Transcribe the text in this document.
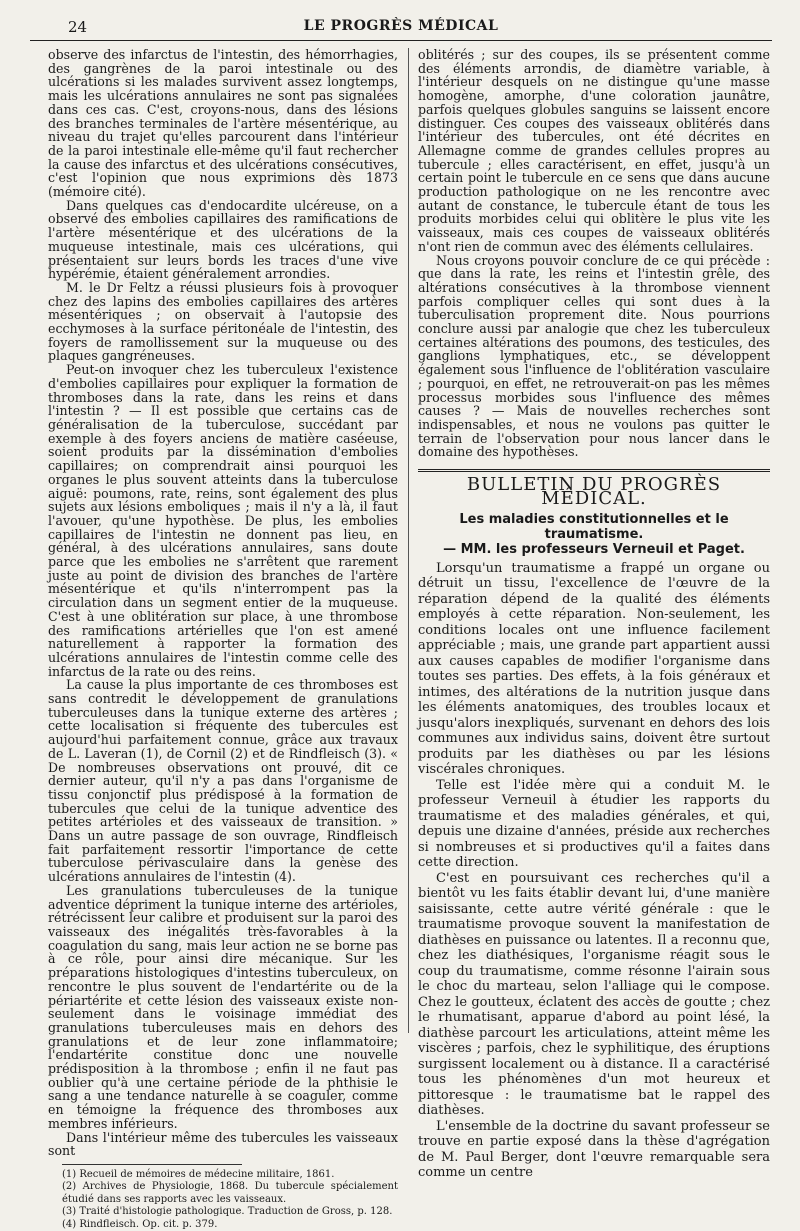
24	LE PROGRÈS MÉDICAL

observe des infarctus de l'intestin, des hémorrhagies, des gangrènes de la paroi intestinale ou des ulcérations si les malades survivent assez longtemps, mais les ulcérations annulaires ne sont pas signalées dans ces cas. C'est, croyons-nous, dans des lésions des branches terminales de l'artère mésentérique, au niveau du trajet qu'elles parcourent dans l'intérieur de la paroi intestinale elle-même qu'il faut rechercher la cause des infarctus et des ulcérations consécutives, c'est l'opinion que nous exprimions dès 1873 (mémoire cité).

Dans quelques cas d'endocardite ulcéreuse, on a observé des embolies capillaires des ramifications de l'artère mésentérique et des ulcérations de la muqueuse intestinale, mais ces ulcérations, qui présentaient sur leurs bords les traces d'une vive hypérémie, étaient généralement arrondies.

M. le Dr Feltz a réussi plusieurs fois à provoquer chez des lapins des embolies capillaires des artères mésentériques ; on observait à l'autopsie des ecchymoses à la surface péritonéale de l'intestin, des foyers de ramollissement sur la muqueuse ou des plaques gangréneuses.

Peut-on invoquer chez les tuberculeux l'existence d'embolies capillaires pour expliquer la formation de thromboses dans la rate, dans les reins et dans l'intestin ? — Il est possible que certains cas de généralisation de la tuberculose, succédant par exemple à des foyers anciens de matière caséeuse, soient produits par la dissémination d'embolies capillaires; on comprendrait ainsi pourquoi les organes le plus souvent atteints dans la tuberculose aiguë: poumons, rate, reins, sont également des plus sujets aux lésions emboliques ; mais il n'y a là, il faut l'avouer, qu'une hypothèse. De plus, les embolies capillaires de l'intestin ne donnent pas lieu, en général, à des ulcérations annulaires, sans doute parce que les embolies ne s'arrêtent que rarement juste au point de division des branches de l'artère mésentérique et qu'ils n'interrompent pas la circulation dans un segment entier de la muqueuse. C'est à une oblitération sur place, à une thrombose des ramifications artérielles que l'on est amené naturellement à rapporter la formation des ulcérations annulaires de l'intestin comme celle des infarctus de la rate ou des reins.

La cause la plus importante de ces thromboses est sans contredit le développement de granulations tuberculeuses dans la tunique externe des artères ; cette localisation si fréquente des tubercules est aujourd'hui parfaitement connue, grâce aux travaux de L. Laveran (1), de Cornil (2) et de Rindfleisch (3). « De nombreuses observations ont prouvé, dit ce dernier auteur, qu'il n'y a pas dans l'organisme de tissu conjonctif plus prédisposé à la formation de tubercules que celui de la tunique adventice des petites artérioles et des vaisseaux de transition. » Dans un autre passage de son ouvrage, Rindfleisch fait parfaitement ressortir l'importance de cette tuberculose périvasculaire dans la genèse des ulcérations annulaires de l'intestin (4).

Les granulations tuberculeuses de la tunique adventice dépriment la tunique interne des artérioles, rétrécissent leur calibre et produisent sur la paroi des vaisseaux des inégalités très-favorables à la coagulation du sang, mais leur action ne se borne pas à ce rôle, pour ainsi dire mécanique. Sur les préparations histologiques d'intestins tuberculeux, on rencontre le plus souvent de l'endartérite ou de la périartérite et cette lésion des vaisseaux existe non-seulement dans le voisinage immédiat des granulations tuberculeuses mais en dehors des granulations et de leur zone inflammatoire; l'endartérite constitue donc une nouvelle prédisposition à la thrombose ; enfin il ne faut pas oublier qu'à une certaine période de la phthisie le sang a une tendance naturelle à se coaguler, comme en témoigne la fréquence des thromboses aux membres inférieurs.

Dans l'intérieur même des tubercules les vaisseaux sont

(1) Recueil de mémoires de médecine militaire, 1861.
(2) Archives de Physiologie, 1868. Du tubercule spécialement étudié dans ses rapports avec les vaisseaux.
(3) Traité d'histologie pathologique. Traduction de Gross, p. 128.
(4) Rindfleisch. Op. cit. p. 379.

oblitérés ; sur des coupes, ils se présentent comme des éléments arrondis, de diamètre variable, à l'intérieur desquels on ne distingue qu'une masse homogène, amorphe, d'une coloration jaunâtre, parfois quelques globules sanguins se laissent encore distinguer. Ces coupes des vaisseaux oblitérés dans l'intérieur des tubercules, ont été décrites en Allemagne comme de grandes cellules propres au tubercule ; elles caractérisent, en effet, jusqu'à un certain point le tubercule en ce sens que dans aucune production pathologique on ne les rencontre avec autant de constance, le tubercule étant de tous les produits morbides celui qui oblitère le plus vite les vaisseaux, mais ces coupes de vaisseaux oblitérés n'ont rien de commun avec des éléments cellulaires.

Nous croyons pouvoir conclure de ce qui précède : que dans la rate, les reins et l'intestin grêle, des altérations consécutives à la thrombose viennent parfois compliquer celles qui sont dues à la tuberculisation proprement dite. Nous pourrions conclure aussi par analogie que chez les tuberculeux certaines altérations des poumons, des testicules, des ganglions lymphatiques, etc., se développent également sous l'influence de l'oblitération vasculaire ; pourquoi, en effet, ne retrouverait-on pas les mêmes processus morbides sous l'influence des mêmes causes ? — Mais de nouvelles recherches sont indispensables, et nous ne voulons pas quitter le terrain de l'observation pour nous lancer dans le domaine des hypothèses.

BULLETIN DU PROGRÈS MÉDICAL.
Les maladies constitutionnelles et le traumatisme.
— MM. les professeurs Verneuil et Paget.

Lorsqu'un traumatisme a frappé un organe ou détruit un tissu, l'excellence de l'œuvre de la réparation dépend de la qualité des éléments employés à cette réparation. Non-seulement, les conditions locales ont une influence facilement appréciable ; mais, une grande part appartient aussi aux causes capables de modifier l'organisme dans toutes ses parties. Des effets, à la fois généraux et intimes, des altérations de la nutrition jusque dans les éléments anatomiques, des troubles locaux et jusqu'alors inexpliqués, survenant en dehors des lois communes aux individus sains, doivent être surtout produits par les diathèses ou par les lésions viscérales chroniques.

Telle est l'idée mère qui a conduit M. le professeur Verneuil à étudier les rapports du traumatisme et des maladies générales, et qui, depuis une dizaine d'années, préside aux recherches si nombreuses et si productives qu'il a faites dans cette direction.

C'est en poursuivant ces recherches qu'il a bientôt vu les faits établir devant lui, d'une manière saisissante, cette autre vérité générale : que le traumatisme provoque souvent la manifestation de diathèses en puissance ou latentes. Il a reconnu que, chez les diathésiques, l'organisme réagit sous le coup du traumatisme, comme résonne l'airain sous le choc du marteau, selon l'alliage qui le compose. Chez le goutteux, éclatent des accès de goutte ; chez le rhumatisant, apparue d'abord au point lésé, la diathèse parcourt les articulations, atteint même les viscères ; parfois, chez le syphilitique, des éruptions surgissent localement ou à distance. Il a caractérisé tous les phénomènes d'un mot heureux et pittoresque : le traumatisme bat le rappel des diathèses.

L'ensemble de la doctrine du savant professeur se trouve en partie exposé dans la thèse d'agrégation de M. Paul Berger, dont l'œuvre remarquable sera comme un centre
